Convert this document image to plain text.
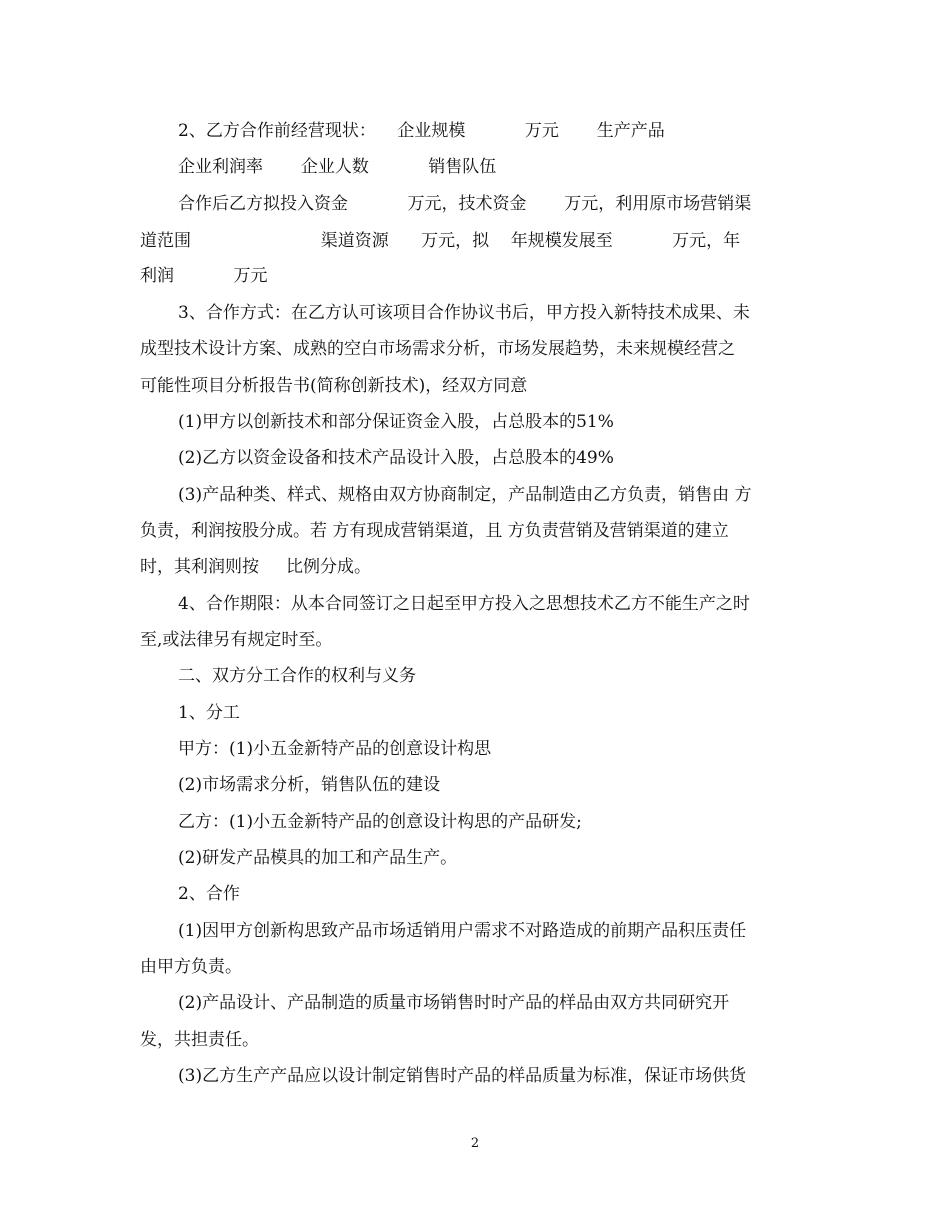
2、乙方合作前经营现状：    企业规模           万元       生产产品
企业利润率       企业人数           销售队伍
合作后乙方拟投入资金           万元，技术资金       万元，利用原市场营销渠
道范围                        渠道资源      万元，拟    年规模发展至           万元，年
利润           万元
3、合作方式：在乙方认可该项目合作协议书后，甲方投入新特技术成果、未
成型技术设计方案、成熟的空白市场需求分析，市场发展趋势，未来规模经营之
可能性项目分析报告书(简称创新技术)，经双方同意
(1)甲方以创新技术和部分保证资金入股，占总股本的51%
(2)乙方以资金设备和技术产品设计入股，占总股本的49%
(3)产品种类、样式、规格由双方协商制定，产品制造由乙方负责，销售由 方
负责，利润按股分成。若 方有现成营销渠道，且 方负责营销及营销渠道的建立
时，其利润则按     比例分成。
4、合作期限：从本合同签订之日起至甲方投入之思想技术乙方不能生产之时
至,或法律另有规定时至。
二、双方分工合作的权利与义务
1、分工
甲方：(1)小五金新特产品的创意设计构思
(2)市场需求分析，销售队伍的建设
乙方：(1)小五金新特产品的创意设计构思的产品研发;
(2)研发产品模具的加工和产品生产。
2、合作
(1)因甲方创新构思致产品市场适销用户需求不对路造成的前期产品积压责任
由甲方负责。
(2)产品设计、产品制造的质量市场销售时时产品的样品由双方共同研究开
发，共担责任。
(3)乙方生产产品应以设计制定销售时产品的样品质量为标准，保证市场供货
2
